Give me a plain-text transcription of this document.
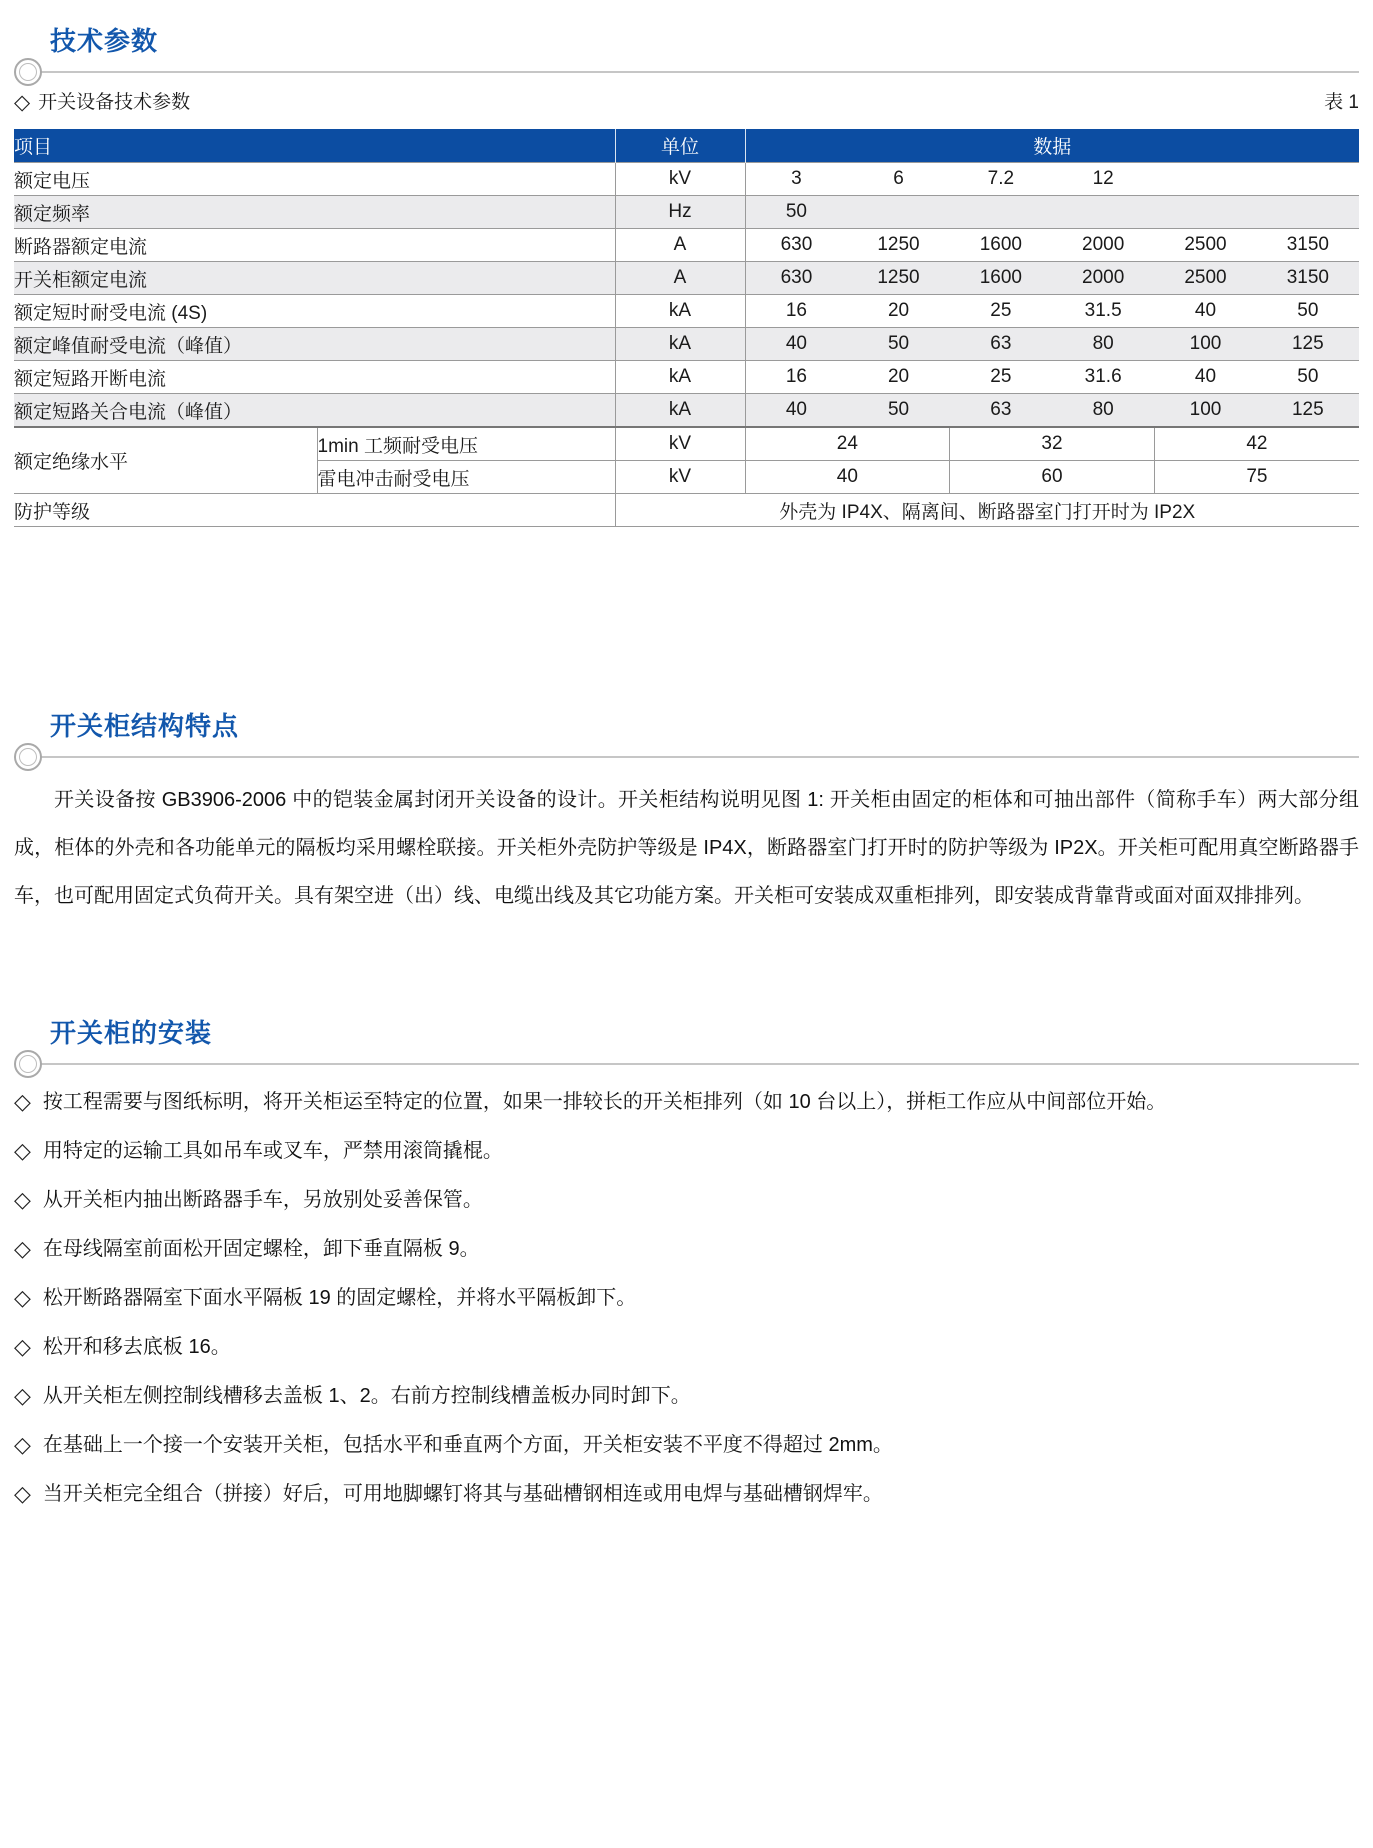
技术参数
◇ 开关设备技术参数	表 1
项目		单位	数据					
额定电压		kV	3	6	7.2	12		
额定频率		Hz	50					
断路器额定电流		A	630	1250	1600	2000	2500	3150
开关柜额定电流		A	630	1250	1600	2000	2500	3150
额定短时耐受电流 (4S)		kA	16	20	25	31.5	40	50
额定峰值耐受电流（峰值）		kA	40	50	63	80	100	125
额定短路开断电流		kA	16	20	25	31.6	40	50
额定短路关合电流（峰值）		kA	40	50	63	80	100	125
额定绝缘水平	1min 工频耐受电压	kV	24		32		42	
	雷电冲击耐受电压	kV	40		60		75	
防护等级		外壳为 IP4X、隔离间、断路器室门打开时为 IP2X						
开关柜结构特点

开关设备按 GB3906-2006 中的铠装金属封闭开关设备的设计。开关柜结构说明见图 1: 开关柜由固定的柜体和可抽出部件（简称手车）两大部分组成，柜体的外壳和各功能单元的隔板均采用螺栓联接。开关柜外壳防护等级是 IP4X，断路器室门打开时的防护等级为 IP2X。开关柜可配用真空断路器手车，也可配用固定式负荷开关。具有架空进（出）线、电缆出线及其它功能方案。开关柜可安装成双重柜排列，即安装成背靠背或面对面双排排列。

开关柜的安装
◇ 按工程需要与图纸标明，将开关柜运至特定的位置，如果一排较长的开关柜排列（如 10 台以上），拼柜工作应从中间部位开始。
◇ 用特定的运输工具如吊车或叉车，严禁用滚筒撬棍。
◇ 从开关柜内抽出断路器手车，另放别处妥善保管。
◇ 在母线隔室前面松开固定螺栓，卸下垂直隔板 9。
◇ 松开断路器隔室下面水平隔板 19 的固定螺栓，并将水平隔板卸下。
◇ 松开和移去底板 16。
◇ 从开关柜左侧控制线槽移去盖板 1、2。右前方控制线槽盖板办同时卸下。
◇ 在基础上一个接一个安装开关柜，包括水平和垂直两个方面，开关柜安装不平度不得超过 2mm。
◇ 当开关柜完全组合（拼接）好后，可用地脚螺钉将其与基础槽钢相连或用电焊与基础槽钢焊牢。
